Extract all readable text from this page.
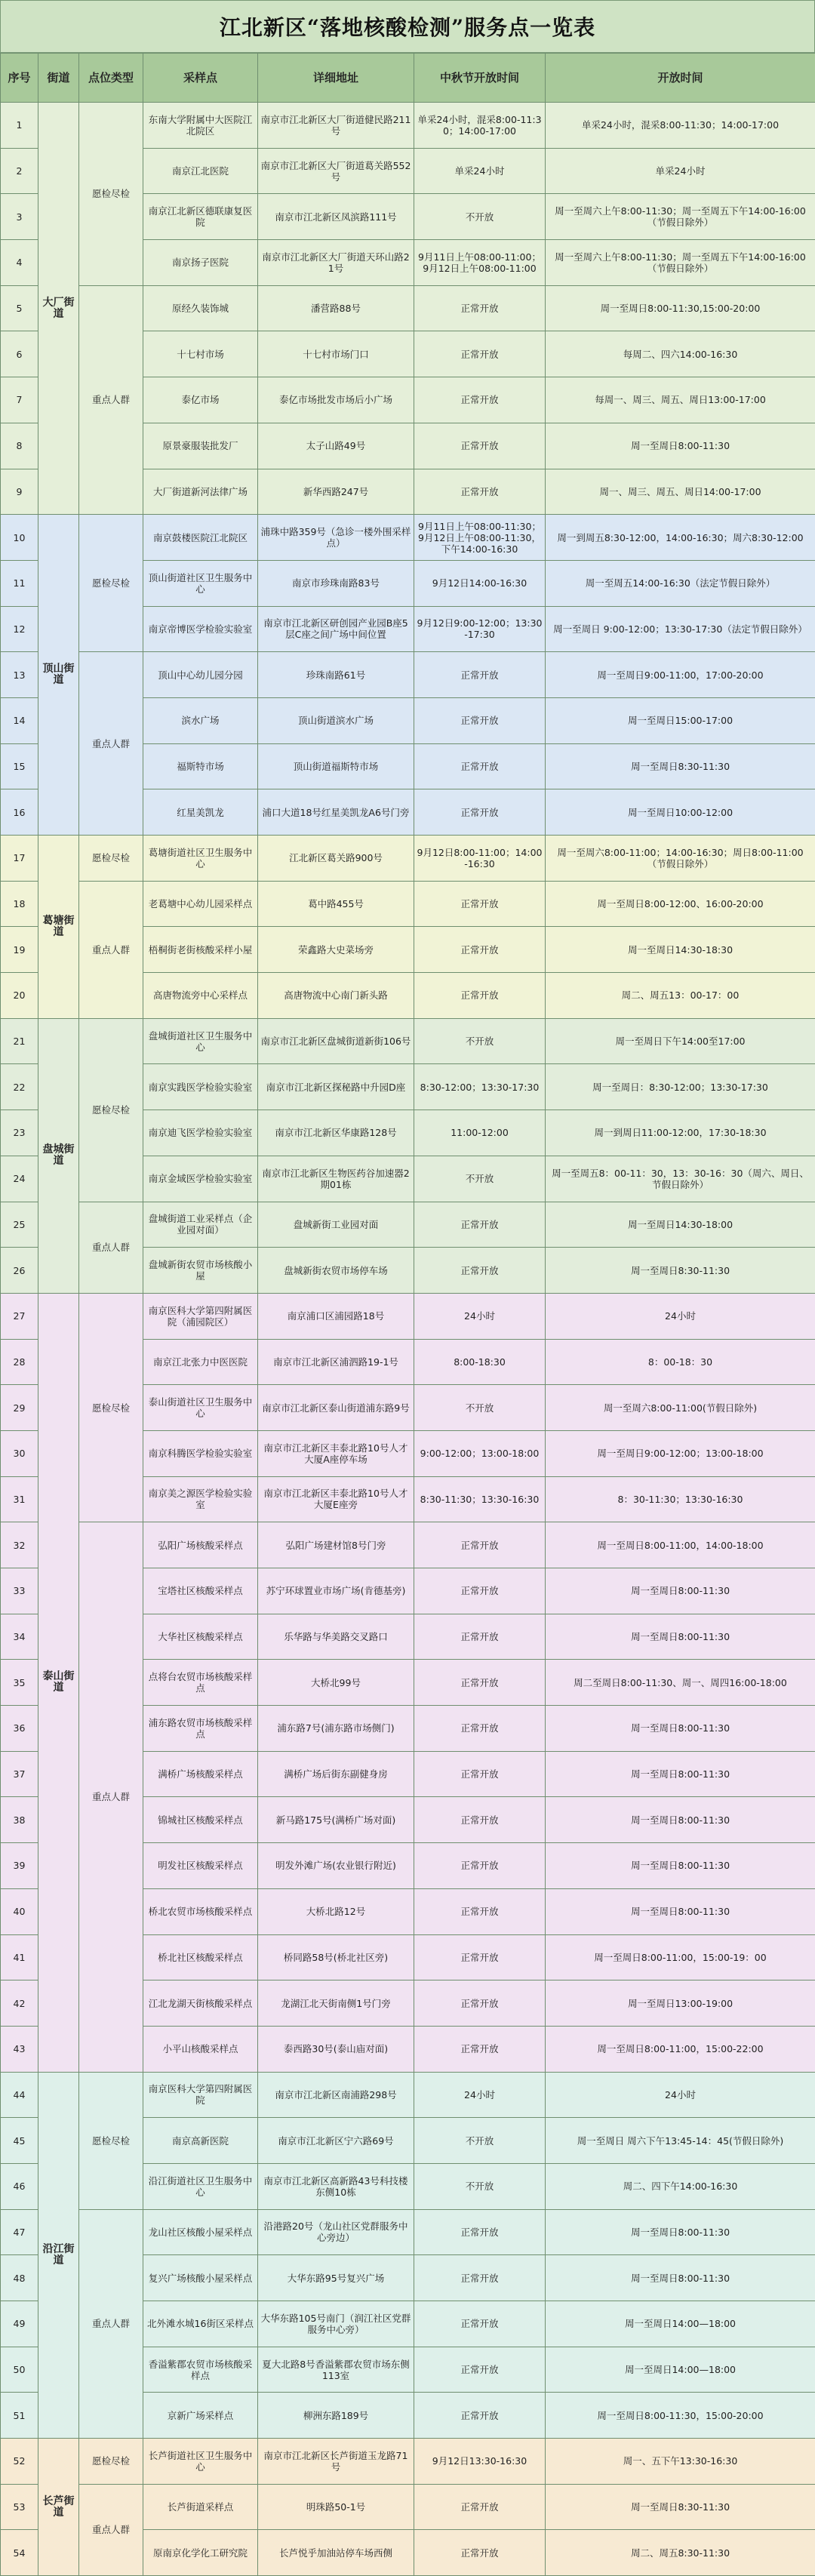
江北新区“落地核酸检测”服务点一览表
序号	街道	点位类型	采样点	详细地址	中秋节开放时间	开放时间
1	大厂街道	愿检尽检	东南大学附属中大医院江北院区	南京市江北新区大厂街道健民路211号	单采24小时，混采8:00-11:30；14:00-17:00	单采24小时，混采8:00-11:30；14:00-17:00
2			南京江北医院	南京市江北新区大厂街道葛关路552号	单采24小时	单采24小时
3			南京江北新区德联康复医院	南京市江北新区凤滨路111号	不开放	周一至周六上午8:00-11:30；周一至周五下午14:00-16:00（节假日除外）
4			南京扬子医院	南京市江北新区大厂街道天环山路21号	9月11日上午08:00-11:00；9月12日上午08:00-11:00	周一至周六上午8:00-11:30；周一至周五下午14:00-16:00（节假日除外）
5		重点人群	原经久装饰城	潘营路88号	正常开放	周一至周日8:00-11:30,15:00-20:00
6			十七村市场	十七村市场门口	正常开放	每周二、四六14:00-16:30
7			泰亿市场	泰亿市场批发市场后小广场	正常开放	每周一、周三、周五、周日13:00-17:00
8			原景豪服装批发厂	太子山路49号	正常开放	周一至周日8:00-11:30
9			大厂街道新河法律广场	新华西路247号	正常开放	周一、周三、周五、周日14:00-17:00
10	顶山街道	愿检尽检	南京鼓楼医院江北院区	浦珠中路359号（急诊一楼外围采样点）	9月11日上午08:00-11:30；9月12日上午08:00-11:30，下午14:00-16:30	周一到周五8:30-12:00，14:00-16:30；周六8:30-12:00
11			顶山街道社区卫生服务中心	南京市珍珠南路83号	9月12日14:00-16:30	周一至周五14:00-16:30（法定节假日除外）
12			南京帝博医学检验实验室	南京市江北新区研创园产业园B座5层C座之间广场中间位置	9月12日9:00-12:00；13:30-17:30	周一至周日 9:00-12:00；13:30-17:30（法定节假日除外）
13		重点人群	顶山中心幼儿园分园	珍珠南路61号	正常开放	周一至周日9:00-11:00，17:00-20:00
14			滨水广场	顶山街道滨水广场	正常开放	周一至周日15:00-17:00
15			福斯特市场	顶山街道福斯特市场	正常开放	周一至周日8:30-11:30
16			红星美凯龙	浦口大道18号红星美凯龙A6号门旁	正常开放	周一至周日10:00-12:00
17	葛塘街道	愿检尽检	葛塘街道社区卫生服务中心	江北新区葛关路900号	9月12日8:00-11:00；14:00-16:30	周一至周六8:00-11:00；14:00-16:30；周日8:00-11:00（节假日除外）
18		重点人群	老葛塘中心幼儿园采样点	葛中路455号	正常开放	周一至周日8:00-12:00、16:00-20:00
19			梧桐街老街核酸采样小屋	荣鑫路大史菜场旁	正常开放	周一至周日14:30-18:30
20			高唐物流旁中心采样点	高唐物流中心南门新头路	正常开放	周二、周五13：00-17：00
21	盘城街道	愿检尽检	盘城街道社区卫生服务中心	南京市江北新区盘城街道新街106号	不开放	周一至周日下午14:00至17:00
22			南京实践医学检验实验室	南京市江北新区探秘路中升园D座	8:30-12:00；13:30-17:30	周一至周日：8:30-12:00；13:30-17:30
23			南京迪飞医学检验实验室	南京市江北新区华康路128号	11:00-12:00	周一到周日11:00-12:00，17:30-18:30
24			南京金域医学检验实验室	南京市江北新区生物医药谷加速器2期01栋	不开放	周一至周五8：00-11：30，13：30-16：30（周六、周日、节假日除外）
25		重点人群	盘城街道工业采样点（企业园对面）	盘城新街工业园对面	正常开放	周一至周日14:30-18:00
26			盘城新街农贸市场核酸小屋	盘城新街农贸市场停车场	正常开放	周一至周日8:30-11:30
27	泰山街道	愿检尽检	南京医科大学第四附属医院（浦园院区）	南京浦口区浦园路18号	24小时	24小时
28			南京江北张力中医医院	南京市江北新区浦泗路19-1号	8:00-18:30	8：00-18：30
29			泰山街道社区卫生服务中心	南京市江北新区泰山街道浦东路9号	不开放	周一至周六8:00-11:00(节假日除外)
30			南京科腾医学检验实验室	南京市江北新区丰泰北路10号人才大厦A座停车场	9:00-12:00；13:00-18:00	周一至周日9:00-12:00；13:00-18:00
31			南京美之源医学检验实验室	南京市江北新区丰泰北路10号人才大厦E座旁	8:30-11:30；13:30-16:30	8：30-11:30；13:30-16:30
32		重点人群	弘阳广场核酸采样点	弘阳广场建材馆8号门旁	正常开放	周一至周日8:00-11:00，14:00-18:00
33			宝塔社区核酸采样点	苏宁环球置业市场广场(肯德基旁)	正常开放	周一至周日8:00-11:30
34			大华社区核酸采样点	乐华路与华美路交叉路口	正常开放	周一至周日8:00-11:30
35			点将台农贸市场核酸采样点	大桥北99号	正常开放	周二至周日8:00-11:30、周一、周四16:00-18:00
36			浦东路农贸市场核酸采样点	浦东路7号(浦东路市场侧门)	正常开放	周一至周日8:00-11:30
37			满桥广场核酸采样点	满桥广场后街东副健身房	正常开放	周一至周日8:00-11:30
38			锦城社区核酸采样点	新马路175号(满桥广场对面)	正常开放	周一至周日8:00-11:30
39			明发社区核酸采样点	明发外滩广场(农业银行附近)	正常开放	周一至周日8:00-11:30
40			桥北农贸市场核酸采样点	大桥北路12号	正常开放	周一至周日8:00-11:30
41			桥北社区核酸采样点	桥同路58号(桥北社区旁)	正常开放	周一至周日8:00-11:00，15:00-19：00
42			江北龙湖天街核酸采样点	龙湖江北天街南侧1号门旁	正常开放	周一至周日13:00-19:00
43			小平山核酸采样点	泰西路30号(泰山庙对面)	正常开放	周一至周日8:00-11:00，15:00-22:00
44	沿江街道	愿检尽检	南京医科大学第四附属医院	南京市江北新区南浦路298号	24小时	24小时
45			南京高新医院	南京市江北新区宁六路69号	不开放	周一至周日 周六下午13:45-14：45(节假日除外)
46			沿江街道社区卫生服务中心	南京市江北新区高新路43号科技楼东侧10栋	不开放	周二、四下午14:00-16:30
47		重点人群	龙山社区核酸小屋采样点	沿港路20号（龙山社区党群服务中心旁边）	正常开放	周一至周日8:00-11:30
48			复兴广场核酸小屋采样点	大华东路95号复兴广场	正常开放	周一至周日8:00-11:30
49			北外滩水城16街区采样点	大华东路105号南门（润江社区党群服务中心旁）	正常开放	周一至周日14:00—18:00
50			香溢紫郡农贸市场核酸采样点	夏大北路8号香溢紫郡农贸市场东侧113室	正常开放	周一至周日14:00—18:00
51			京新广场采样点	柳洲东路189号	正常开放	周一至周日8:00-11:30，15:00-20:00
52	长芦街道	愿检尽检	长芦街道社区卫生服务中心	南京市江北新区长芦街道玉龙路71号	9月12日13:30-16:30	周一、五下午13:30-16:30
53		重点人群	长芦街道采样点	明珠路50-1号	正常开放	周一至周日8:30-11:30
54			原南京化学化工研究院	长芦悦乎加油站停车场西侧	正常开放	周二、周五8:30-11:30
